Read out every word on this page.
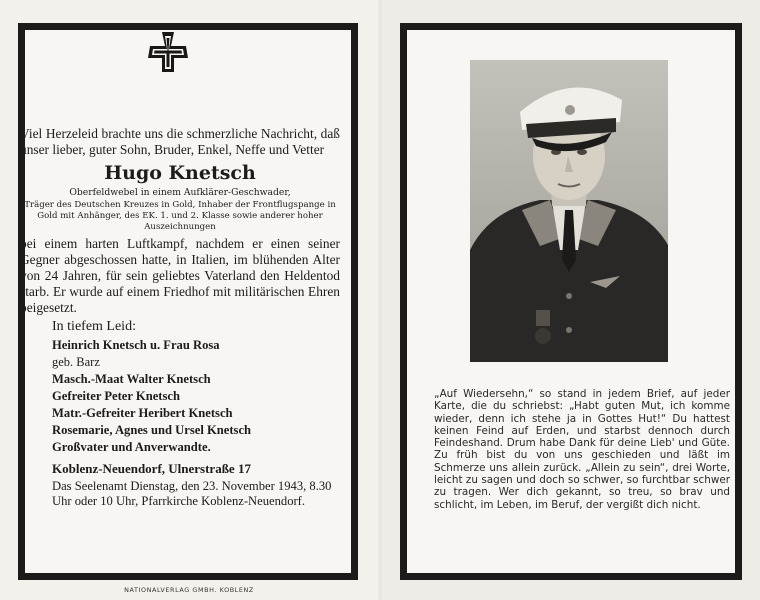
Viel Herzeleid brachte uns die schmerzliche Nachricht, daß unser lieber, guter Sohn, Bruder, Enkel, Neffe und Vetter

Hugo Knetsch
Oberfeldwebel in einem Aufklärer-Geschwader,
Träger des Deutschen Kreuzes in Gold, Inhaber der Frontflugspange in Gold mit Anhänger, des EK. 1. und 2. Klasse sowie anderer hoher Auszeichnungen

bei einem harten Luftkampf, nachdem er einen seiner Gegner abgeschossen hatte, in Italien, im blühenden Alter von 24 Jahren, für sein geliebtes Vaterland den Heldentod starb. Er wurde auf einem Friedhof mit militärischen Ehren beigesetzt.

In tiefem Leid:
Heinrich Knetsch u. Frau Rosa
geb. Barz
Masch.-Maat Walter Knetsch
Gefreiter Peter Knetsch
Matr.-Gefreiter Heribert Knetsch
Rosemarie, Agnes und Ursel Knetsch
Großvater und Anverwandte.
Koblenz-Neuendorf, Ulnerstraße 17

Das Seelenamt Dienstag, den 23. November 1943, 8.30 Uhr oder 10 Uhr, Pfarrkirche Koblenz-Neuendorf.

NATIONALVERLAG GMBH. KOBLENZ

„Auf Wiedersehn,“ so stand in jedem Brief, auf jeder Karte, die du schriebst: „Habt guten Mut, ich komme wieder, denn ich stehe ja in Gottes Hut!“ Du hattest keinen Feind auf Erden, und starbst dennoch durch Feindeshand. Drum habe Dank für deine Lieb' und Güte. Zu früh bist du von uns geschieden und läßt im Schmerze uns allein zurück. „Allein zu sein“, drei Worte, leicht zu sagen und doch so schwer, so furchtbar schwer zu tragen. Wer dich gekannt, so treu, so brav und schlicht, im Leben, im Beruf, der vergißt dich nicht.
